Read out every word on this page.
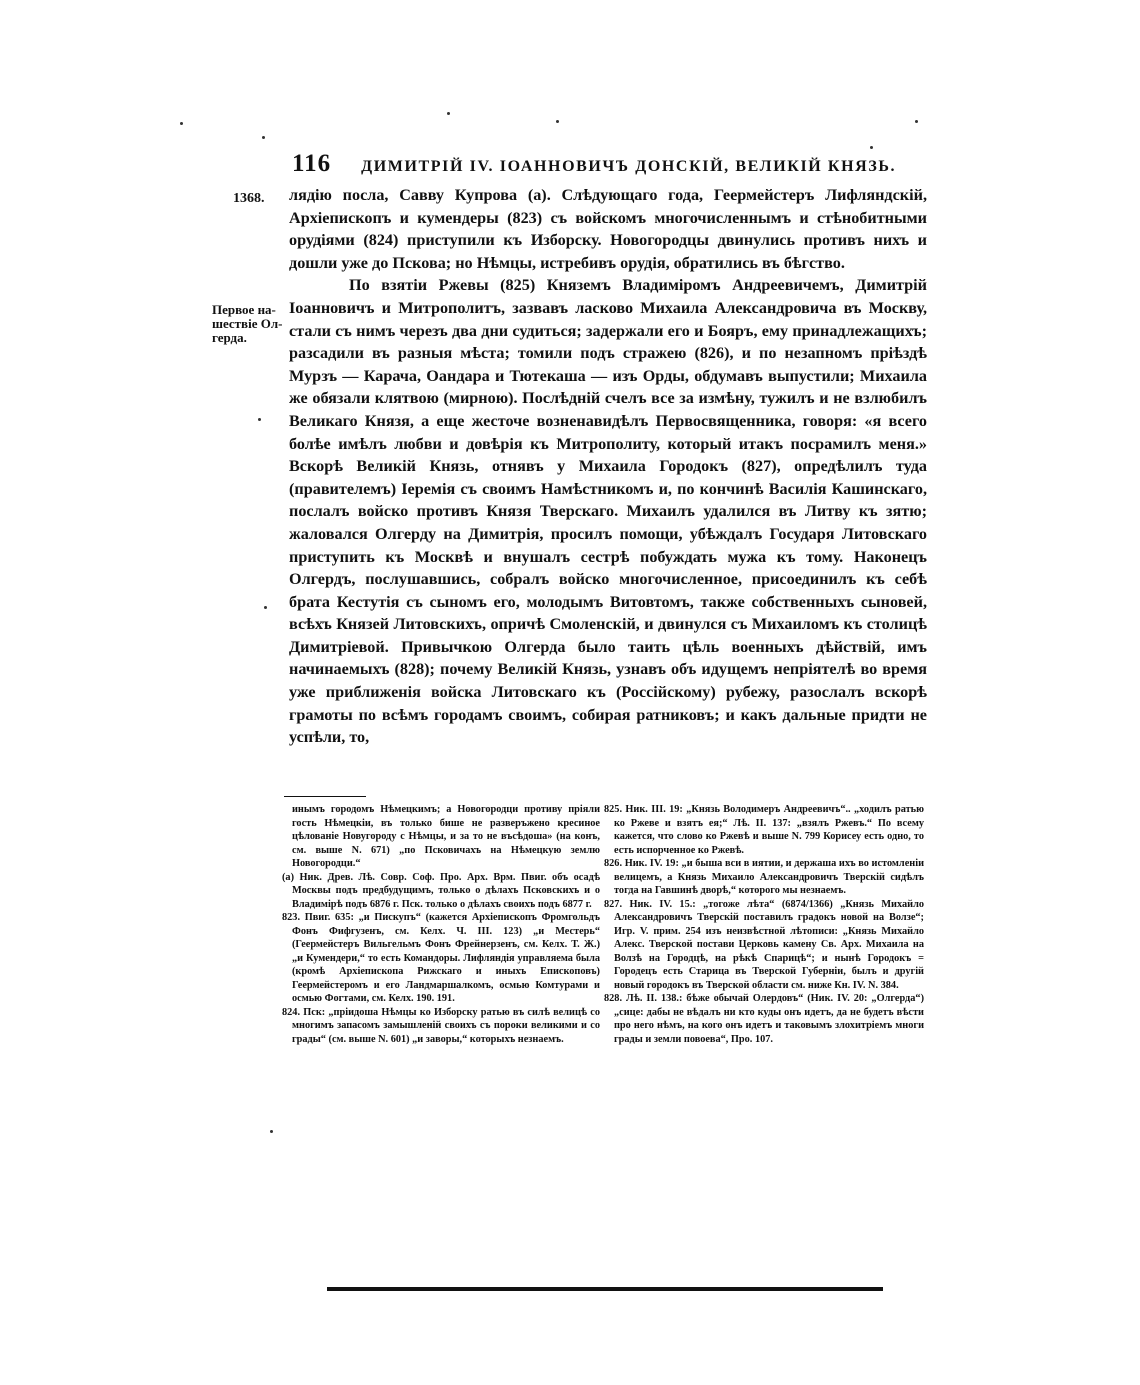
116 ДИМИТРІЙ IV. ІОАННОВИЧЪ ДОНСКІЙ, ВЕЛИКІЙ КНЯЗЬ.
1368.
Первое на-шествіе Ол-герда.

лядію посла, Савву Купрова (а). Слѣдующаго года, Геермейстеръ Лифляндскій, Архіепископъ и кумендеры (823) съ войскомъ многочисленнымъ и стѣнобитными орудіями (824) приступили къ Изборску. Новогородцы двинулись противъ нихъ и дошли уже до Пскова; но Нѣмцы, истребивъ орудія, обратились въ бѣгство.

По взятіи Ржевы (825) Княземъ Владиміромъ Андреевичемъ, Димитрій Іоанновичъ и Митрополитъ, зазвавъ ласково Михаила Александровича въ Москву, стали съ нимъ черезъ два дни судиться; задержали его и Бояръ, ему принадлежащихъ; разсадили въ разныя мѣста; томили подъ стражею (826), и по незапномъ пріѣздѣ Мурзъ — Карача, Оандара и Тютекаша — изъ Орды, обдумавъ выпустили; Михаила же обязали клятвою (мирною). Послѣдній счелъ все за измѣну, тужилъ и не взлюбилъ Великаго Князя, а еще жесточе возненавидѣлъ Первосвященника, говоря: «я всего болѣе имѣлъ любви и довѣрія къ Митрополиту, который итакъ посрамилъ меня.» Вскорѣ Великій Князь, отнявъ у Михаила Городокъ (827), опредѣлилъ туда (правителемъ) Іеремія съ своимъ Намѣстникомъ и, по кончинѣ Василія Кашинскаго, послалъ войско противъ Князя Тверскаго. Михаилъ удалился въ Литву къ зятю; жаловался Олгерду на Димитрія, просилъ помощи, убѣждалъ Государя Литовскаго приступить къ Москвѣ и внушалъ сестрѣ побуждать мужа къ тому. Наконецъ Олгердъ, послушавшись, собралъ войско многочисленное, присоединилъ къ себѣ брата Кестутія съ сыномъ его, молодымъ Витовтомъ, также собственныхъ сыновей, всѣхъ Князей Литовскихъ, опричѣ Смоленскій, и двинулся съ Михаиломъ къ столицѣ Димитріевой. Привычкою Олгерда было таить цѣль военныхъ дѣйствій, имъ начинаемыхъ (828); почему Великій Князь, узнавъ объ идущемъ непріятелѣ во время уже приближенія войска Литовскаго къ (Россійскому) рубежу, разослалъ вскорѣ грамоты по всѣмъ городамъ своимъ, собирая ратниковъ; и какъ дальные придти не успѣли, то,

инымъ городомъ Нѣмецкимъ; а Новогородци противу прiяли гость Нѣмецкiи, въ только бише не разверъжено кресиное цѣлованіе Новугороду с Нѣмцы, и за то не въсѣдоша» (на конъ, см. выше N. 671) „по Псковичахъ на Нѣмецкую землю Новогородци.“

(а) Ник. Древ. Лѣ. Совр. Соф. Про. Арх. Врм. Пвиг. объ осадѣ Москвы подъ предбудущимъ, только о дѣлахъ Псковскихъ и о Владимірѣ подъ 6876 г. Пск. только о дѣлахъ своихъ подъ 6877 г.

823. Пвиг. 635: „и Пискупъ“ (кажется Архіепископъ Фромгольдъ Фонъ Фифгузенъ, см. Келх. Ч. III. 123) „и Местерь“ (Геермейстеръ Вильгельмъ Фонъ Фрейнерзенъ, см. Келх. Т. Ж.) „и Кумендери,“ то есть Командоры. Лифляндія управляема была (кромѣ Архіепископа Рижскаго и иныхъ Епископовъ) Геермейстеромъ и его Ландмаршалкомъ, осмью Комтурами и осмью Фогтами, см. Келх. 190. 191.

824. Пск: „прiидоша Нѣмцы ко Изборску ратью въ силѣ велицѣ со многимъ запасомъ замышленій своихъ съ пороки великими и со грады“ (см. выше N. 601) „и заворы,“ которыхъ незнаемъ.

825. Ник. III. 19: „Князь Володимеръ Андреевичъ“.. „ходилъ ратью ко Ржеве и взятъ ея;“ Лѣ. II. 137: „взялъ Ржевъ.“ По всему кажется, что слово ко Ржевѣ и выше N. 799 Корисеу есть одно, то есть испорченное ко Ржевѣ.

826. Ник. IV. 19: „и быша вси в иятии, и держаша ихъ во истомленіи велицемъ, а Князь Михаило Александровичъ Тверскій сидѣлъ тогда на Гавшинѣ дворѣ,“ которого мы незнаемъ.

827. Ник. IV. 15.: „тогоже лѣта“ (6874/1366) „Князь Михайло Александровичъ Тверскій поставилъ градокъ новой на Волзе“; Игр. V. прим. 254 изъ неизвѣстной лѣтописи: „Князь Михайло Алекс. Тверской постави Церковь камену Св. Арх. Михаила на Волзѣ на Городцѣ, на рѣкѣ Спарицѣ“; и нынѣ Городокъ = Городецъ есть Старица въ Тверской Губерніи, былъ и другій новый городокъ въ Тверской области см. ниже Кн. IV. N. 384.

828. Лѣ. II. 138.: бѣже обычай Олердовъ“ (Ник. IV. 20: „Олгерда“) „сице: дабы не вѣдалъ ни кто куды онъ идетъ, да не будетъ вѣсти про него нѣмъ, на кого онъ идетъ и таковымъ злохитріемъ многи грады и земли повоева“, Про. 107.
